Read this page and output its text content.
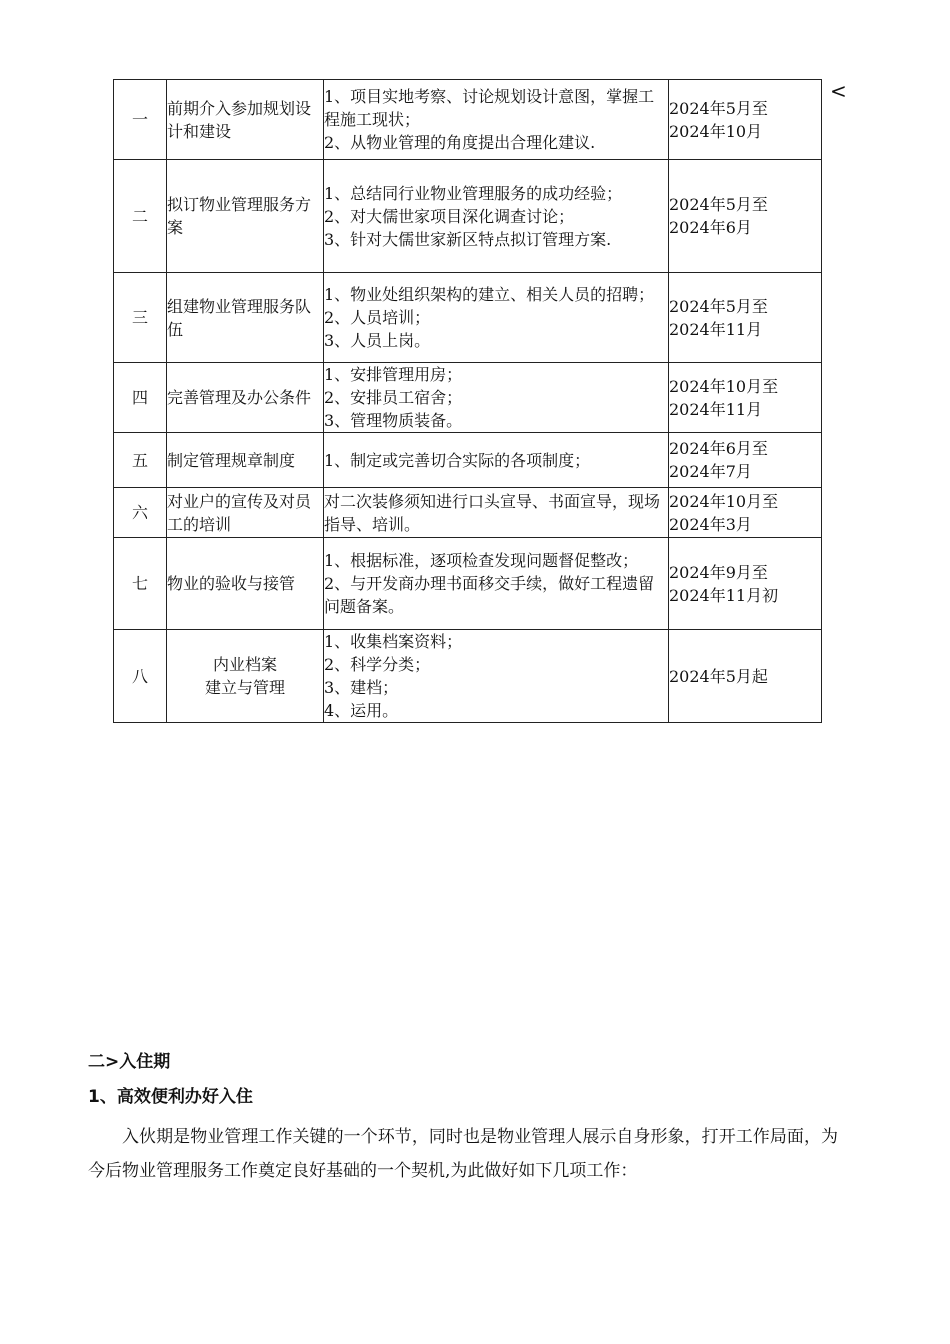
<
一	前期介入参加规划设计和建设	1、项目实地考察、讨论规划设计意图，掌握工程施工现状；
2、从物业管理的角度提出合理化建议.	2024年5月至
2024年10月

二	拟订物业管理服务方案	1、总结同行业物业管理服务的成功经验；
2、对大儒世家项目深化调查讨论；
3、针对大儒世家新区特点拟订管理方案.	2024年5月至
2024年6月

三	组建物业管理服务队伍	1、物业处组织架构的建立、相关人员的招聘；
2、人员培训；
3、人员上岗。	2024年5月至
2024年11月

四	完善管理及办公条件	1、安排管理用房；
2、安排员工宿舍；
3、管理物质装备。	2024年10月至
2024年11月

五	制定管理规章制度	1、制定或完善切合实际的各项制度；	2024年6月至
2024年7月

六	对业户的宣传及对员工的培训	对二次装修须知进行口头宣导、书面宣导，现场指导、培训。	2024年10月至
2024年3月

七	物业的验收与接管	1、根据标准，逐项检查发现问题督促整改；
2、与开发商办理书面移交手续，做好工程遗留问题备案。	2024年9月至
2024年11月初

八	内业档案
建立与管理	1、收集档案资料；
2、科学分类；
3、建档；
4、运用。	2024年5月起
二>入住期
1、高效便利办好入住

入伙期是物业管理工作关键的一个环节，同时也是物业管理人展示自身形象，打开工作局面，为今后物业管理服务工作奠定良好基础的一个契机,为此做好如下几项工作：
